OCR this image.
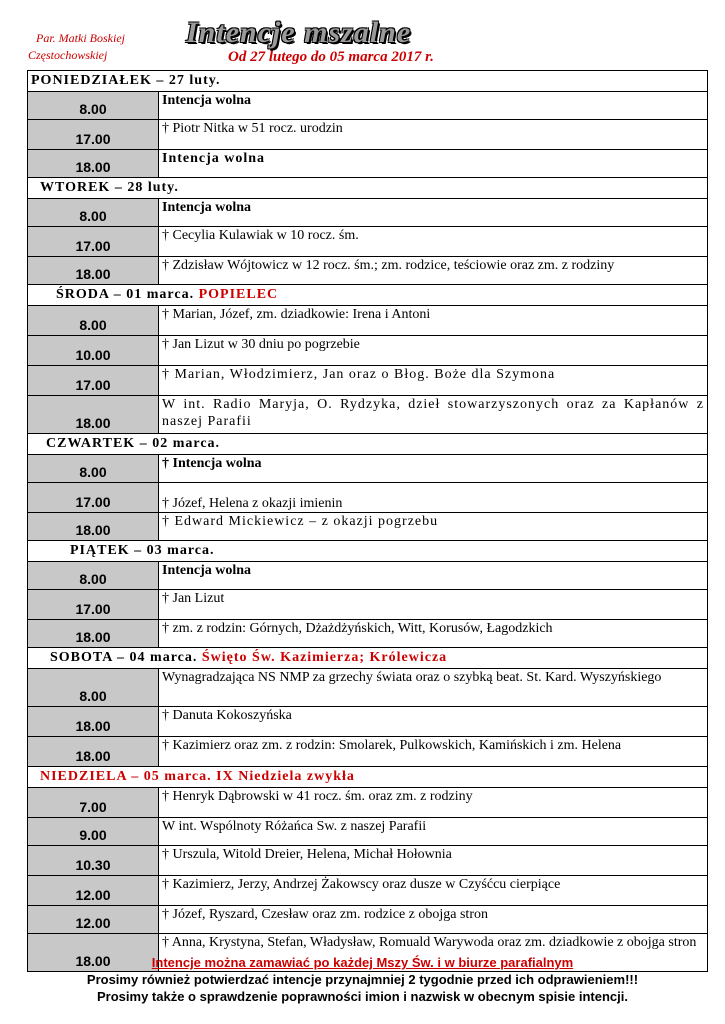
Par. Matki Boskiej
Częstochowskiej
Intencje mszalne
Od 27 lutego do 05 marca 2017 r.
PONIEDZIAŁEK – 27 luty.	
8.00	Intencja wolna
17.00	† Piotr Nitka w 51 rocz. urodzin
18.00	Intencja wolna
WTOREK – 28 luty.	
8.00	Intencja wolna
17.00	† Cecylia Kulawiak w 10 rocz. śm.
18.00	† Zdzisław Wójtowicz w 12 rocz. śm.; zm. rodzice, teściowie oraz zm. z rodziny
ŚRODA – 01 marca. POPIELEC	
8.00	† Marian, Józef, zm. dziadkowie: Irena i Antoni
10.00	† Jan Lizut w 30 dniu po pogrzebie
17.00	† Marian, Włodzimierz, Jan oraz o Błog. Boże dla Szymona
18.00	W int. Radio Maryja, O. Rydzyka, dzieł stowarzyszonych oraz za Kapłanów z naszej Parafii
CZWARTEK – 02 marca.	
8.00	† Intencja wolna
17.00	† Józef, Helena z okazji imienin
18.00	† Edward Mickiewicz – z okazji pogrzebu
PIĄTEK – 03 marca.	
8.00	Intencja wolna
17.00	† Jan Lizut
18.00	† zm. z rodzin: Górnych, Dżażdżyńskich, Witt, Korusów, Łagodzkich
SOBOTA – 04 marca. Święto Św. Kazimierza; Królewicza	
8.00	Wynagradzająca NS NMP za grzechy świata oraz o szybką beat. St. Kard. Wyszyńskiego
18.00	† Danuta Kokoszyńska
18.00	† Kazimierz oraz zm. z rodzin: Smolarek, Pulkowskich, Kamińskich i zm. Helena
NIEDZIELA – 05 marca. IX Niedziela zwykła	
7.00	† Henryk Dąbrowski w 41 rocz. śm. oraz zm. z rodziny
9.00	W int. Wspólnoty Różańca Sw. z naszej Parafii
10.30	† Urszula, Witold Dreier, Helena, Michał Hołownia
12.00	† Kazimierz, Jerzy, Andrzej Żakowscy oraz dusze w Czyśćcu cierpiące
12.00	† Józef, Ryszard, Czesław oraz zm. rodzice z obojga stron
18.00	† Anna, Krystyna, Stefan, Władysław, Romuald Warywoda oraz zm. dziadkowie z obojga stron
Intencje można zamawiać po każdej Mszy Św. i w biurze parafialnym
Prosimy również potwierdzać intencje przynajmniej 2 tygodnie przed ich odprawieniem!!!
Prosimy także o sprawdzenie poprawności imion i nazwisk w obecnym spisie intencji.
